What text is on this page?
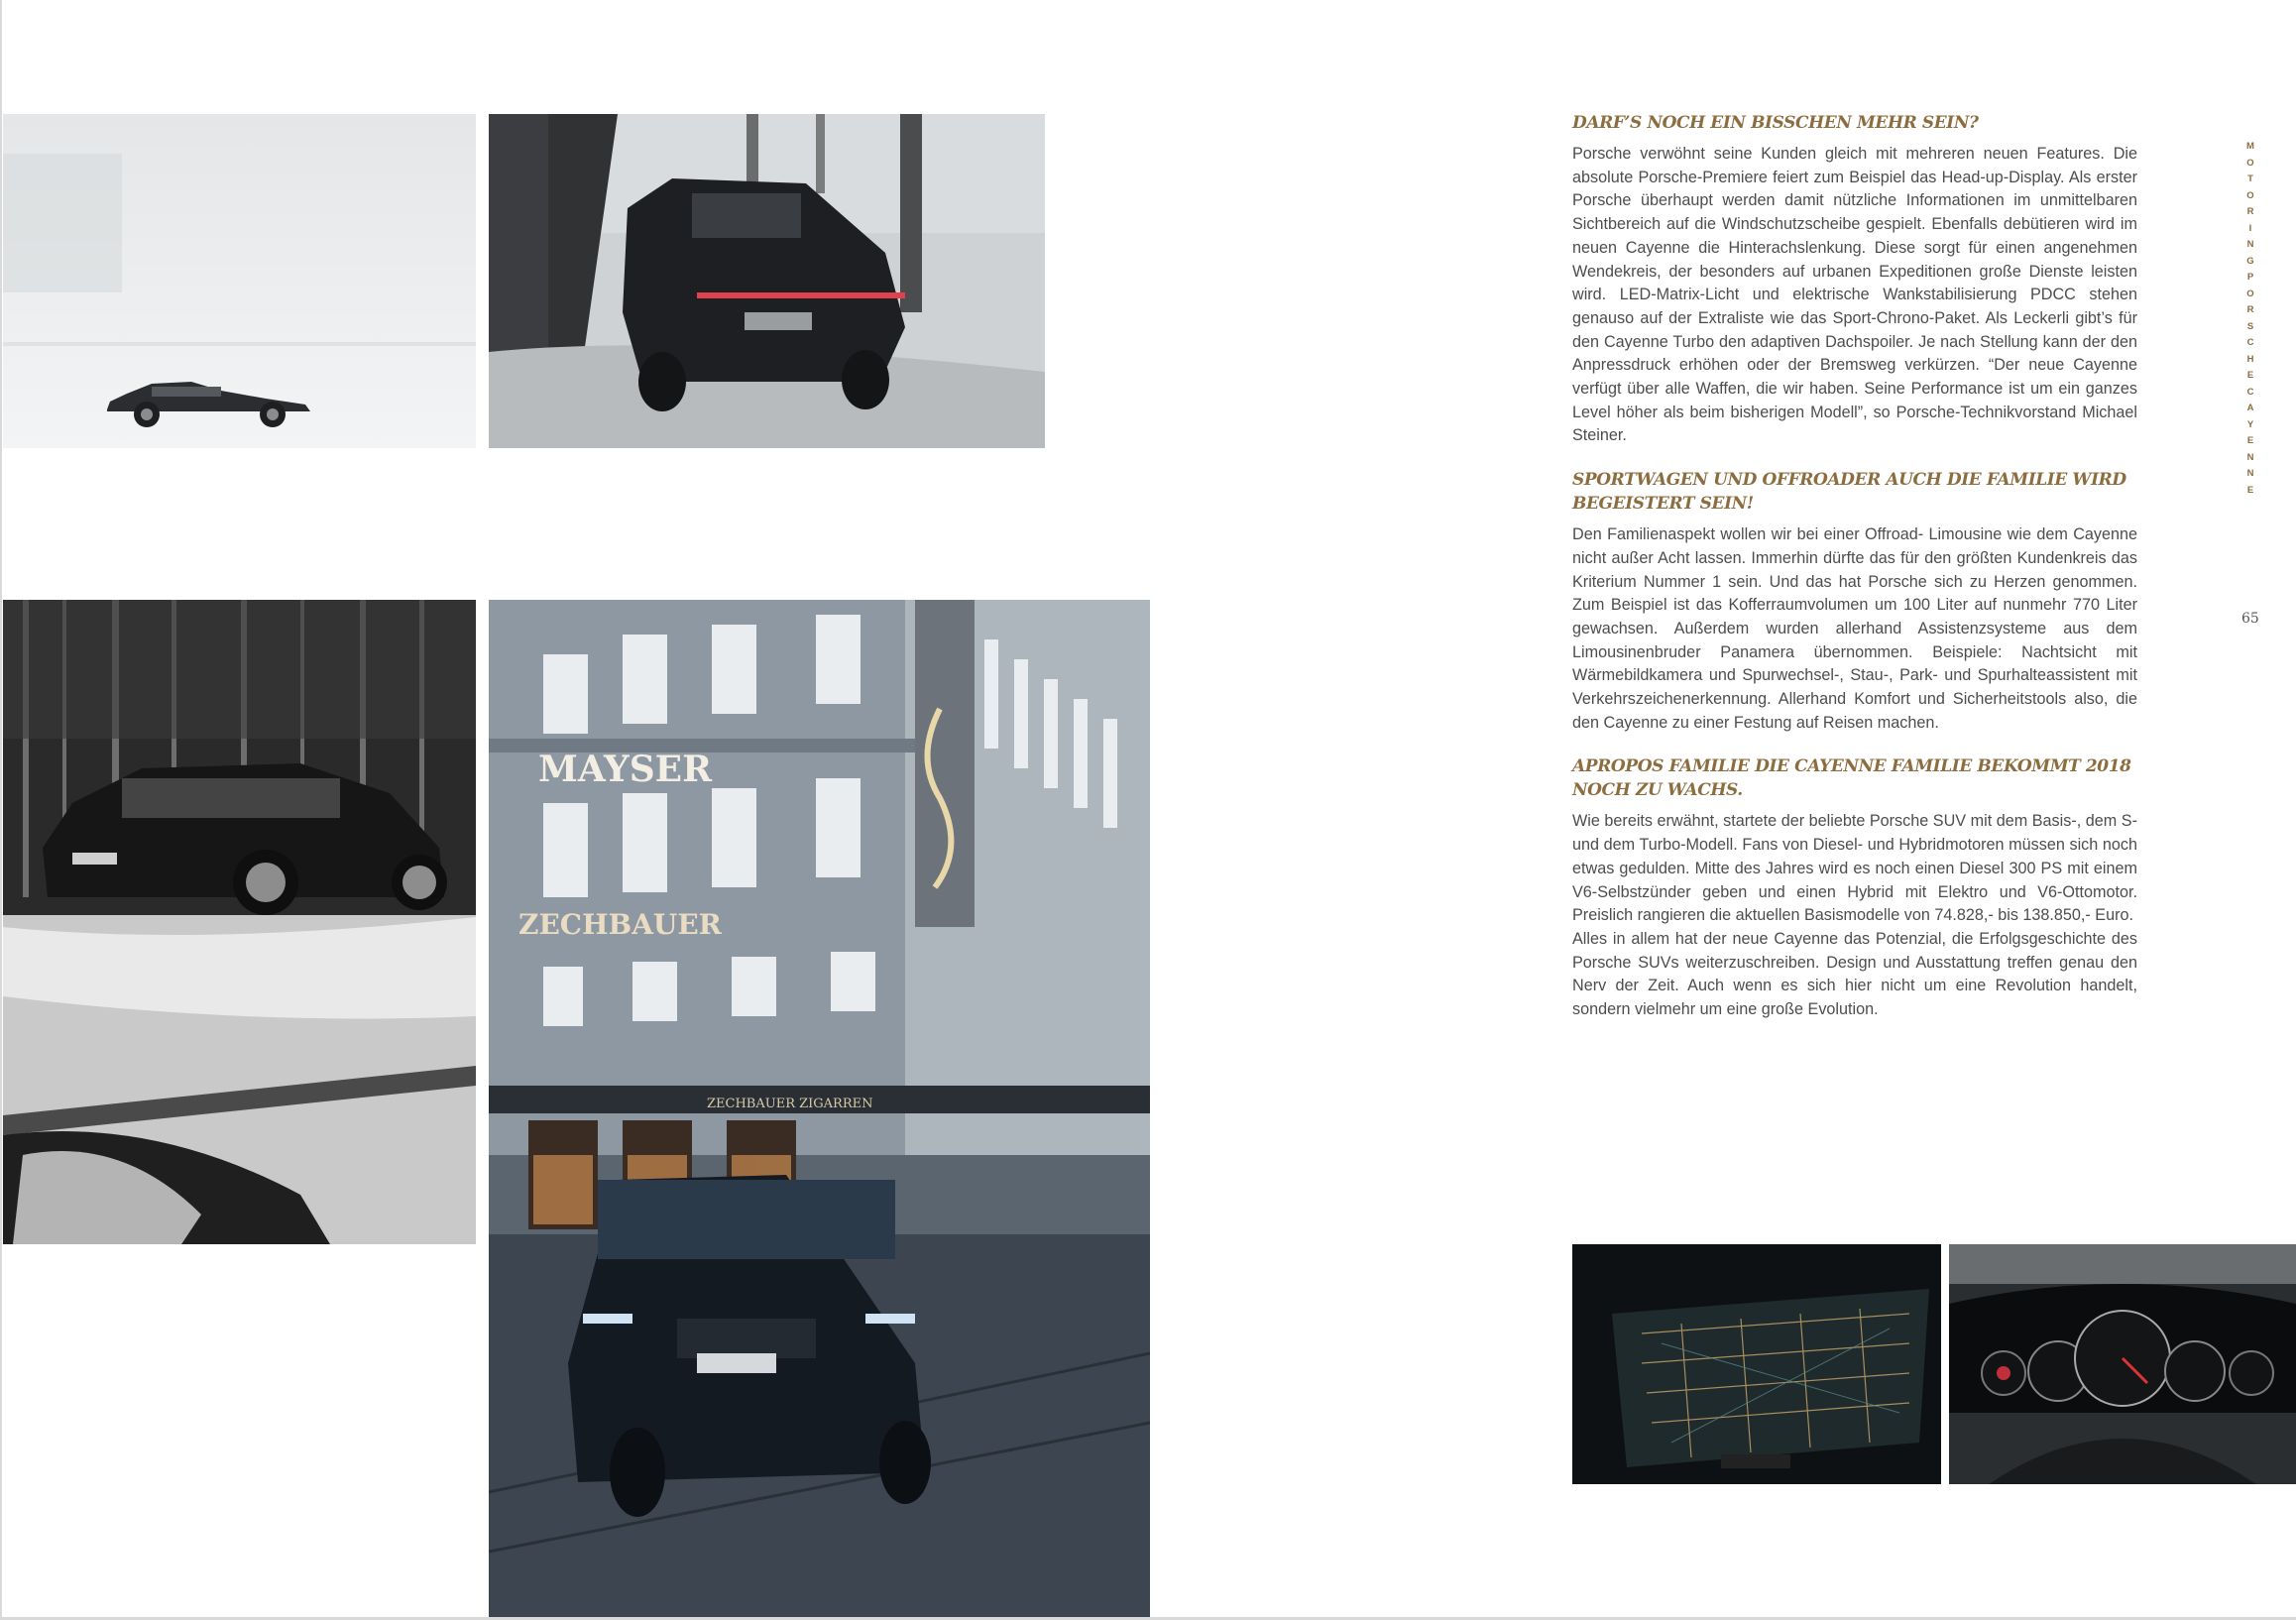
MAYSER
ZECHBAUER
ZECHBAUER ZIGARREN
DARF’S NOCH EIN BISSCHEN MEHR SEIN?

Porsche verwöhnt seine Kunden gleich mit mehreren neuen Features. Die absolute Porsche-Premiere feiert zum Beispiel das Head-up-Display. Als erster Porsche überhaupt werden damit nützliche Informationen im unmittelbaren Sichtbereich auf die Windschutzscheibe gespielt. Ebenfalls debütieren wird im neuen Cayenne die Hinterachslenkung. Diese sorgt für einen angenehmen Wendekreis, der besonders auf urbanen Expeditionen große Dienste leisten wird. LED-Matrix-Licht und elektrische Wankstabilisierung PDCC stehen genauso auf der Extraliste wie das Sport-Chrono-Paket. Als Leckerli gibt’s für den Cayenne Turbo den adaptiven Dachspoiler. Je nach Stellung kann der den Anpressdruck erhöhen oder der Bremsweg verkürzen. “Der neue Cayenne verfügt über alle Waffen, die wir haben. Seine Performance ist um ein ganzes Level höher als beim bisherigen Modell”, so Porsche-Technikvorstand Michael Steiner.

SPORTWAGEN UND OFFROADER AUCH DIE FAMILIE WIRD BEGEISTERT SEIN!

Den Familienaspekt wollen wir bei einer Offroad- Limousine wie dem Cayenne nicht außer Acht lassen. Immerhin dürfte das für den größten Kundenkreis das Kriterium Nummer 1 sein. Und das hat Porsche sich zu Herzen genommen. Zum Beispiel ist das Kofferraumvolumen um 100 Liter auf nunmehr 770 Liter gewachsen. Außerdem wurden allerhand Assistenzsysteme aus dem Limousinenbruder Panamera übernommen. Beispiele: Nachtsicht mit Wärmebildkamera und Spurwechsel-, Stau-, Park- und Spurhalteassistent mit Verkehrszeichenerkennung. Allerhand Komfort und Sicherheitstools also, die den Cayenne zu einer Festung auf Reisen machen.

APROPOS FAMILIE DIE CAYENNE FAMILIE BEKOMMT 2018 NOCH ZU WACHS.

Wie bereits erwähnt, startete der beliebte Porsche SUV mit dem Basis-, dem S- und dem Turbo-Modell. Fans von Diesel- und Hybridmotoren müssen sich noch etwas gedulden. Mitte des Jahres wird es noch einen Diesel 300 PS mit einem V6-Selbstzünder geben und einen Hybrid mit Elektro und V6-Ottomotor. Preislich rangieren die aktuellen Basismodelle von 74.828,- bis 138.850,- Euro.

Alles in allem hat der neue Cayenne das Potenzial, die Erfolgsgeschichte des Porsche SUVs weiterzuschreiben. Design und Ausstattung treffen genau den Nerv der Zeit. Auch wenn es sich hier nicht um eine Revolution handelt, sondern vielmehr um eine große Evolution.

M
O
T
O
R
I
N
G
P
O
R
S
C
H
E
C
A
Y
E
N
N
E
65
